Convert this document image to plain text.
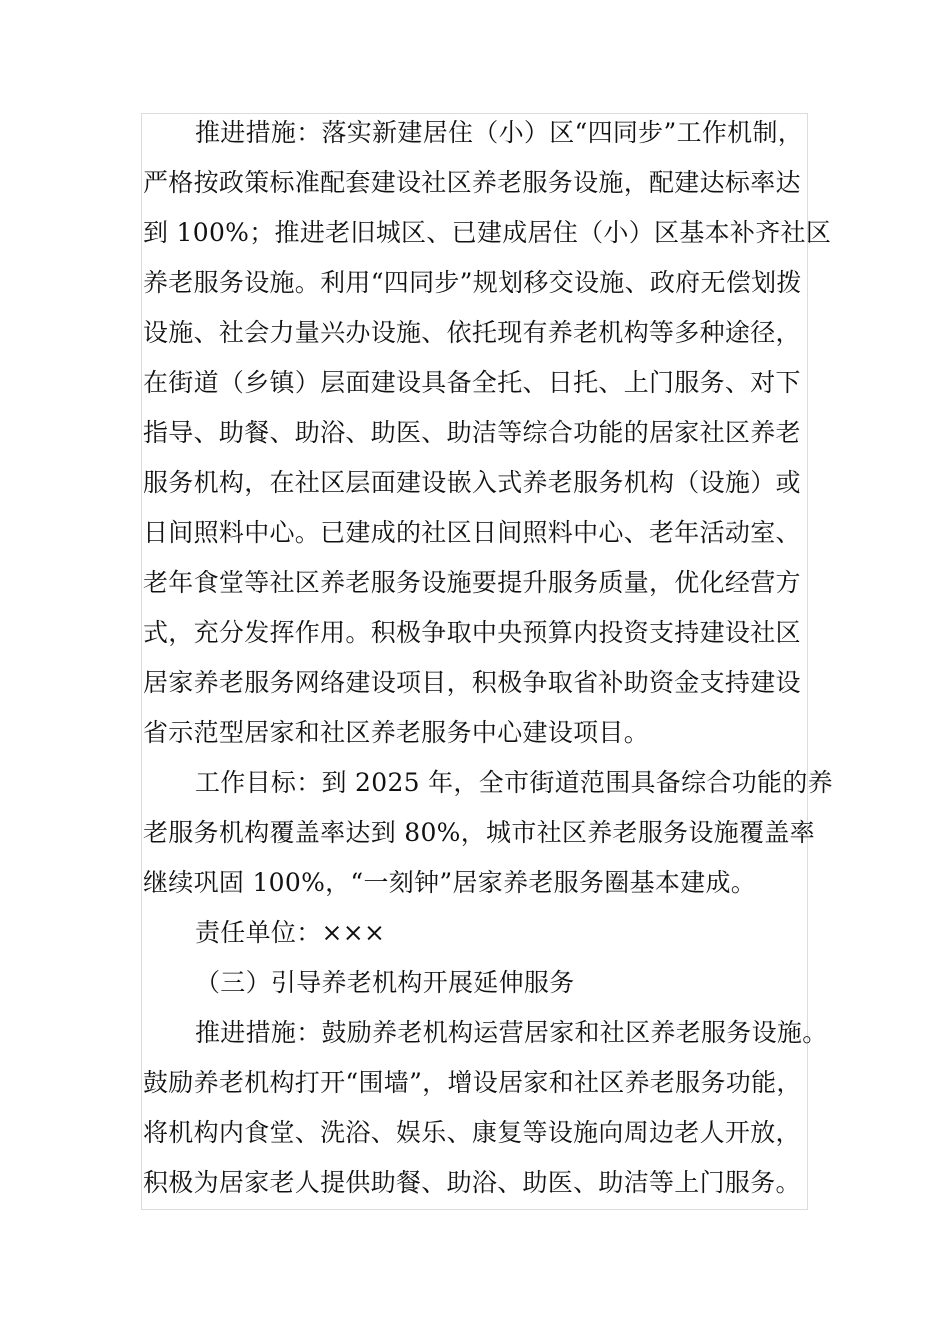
推进措施：落实新建居住（小）区“四同步”工作机制，
严格按政策标准配套建设社区养老服务设施，配建达标率达
到 100%；推进老旧城区、已建成居住（小）区基本补齐社区
养老服务设施。利用“四同步”规划移交设施、政府无偿划拨
设施、社会力量兴办设施、依托现有养老机构等多种途径，
在街道（乡镇）层面建设具备全托、日托、上门服务、对下
指导、助餐、助浴、助医、助洁等综合功能的居家社区养老
服务机构，在社区层面建设嵌入式养老服务机构（设施）或
日间照料中心。已建成的社区日间照料中心、老年活动室、
老年食堂等社区养老服务设施要提升服务质量，优化经营方
式，充分发挥作用。积极争取中央预算内投资支持建设社区
居家养老服务网络建设项目，积极争取省补助资金支持建设
省示范型居家和社区养老服务中心建设项目。

工作目标：到 2025 年，全市街道范围具备综合功能的养
老服务机构覆盖率达到 80%，城市社区养老服务设施覆盖率
继续巩固 100%，“一刻钟”居家养老服务圈基本建成。

责任单位：×××

（三）引导养老机构开展延伸服务

推进措施：鼓励养老机构运营居家和社区养老服务设施。
鼓励养老机构打开“围墙”，增设居家和社区养老服务功能，
将机构内食堂、洗浴、娱乐、康复等设施向周边老人开放，
积极为居家老人提供助餐、助浴、助医、助洁等上门服务。
